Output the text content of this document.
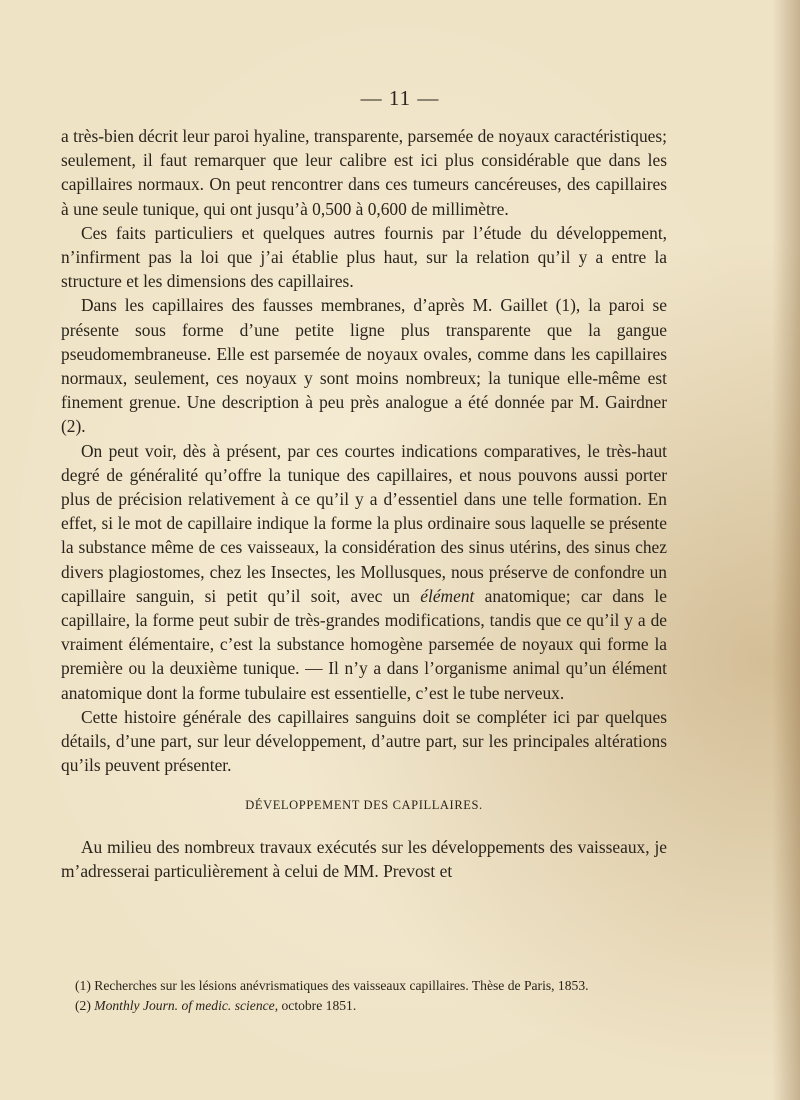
— 11 —

a très-bien décrit leur paroi hyaline, transparente, parsemée de noyaux caractéristiques; seulement, il faut remarquer que leur calibre est ici plus considérable que dans les capillaires normaux. On peut rencontrer dans ces tumeurs cancéreuses, des capillaires à une seule tunique, qui ont jusqu’à 0,500 à 0,600 de millimètre.

Ces faits particuliers et quelques autres fournis par l’étude du développement, n’infirment pas la loi que j’ai établie plus haut, sur la relation qu’il y a entre la structure et les dimensions des capillaires.

Dans les capillaires des fausses membranes, d’après M. Gaillet (1), la paroi se présente sous forme d’une petite ligne plus transparente que la gangue pseudomembraneuse. Elle est parsemée de noyaux ovales, comme dans les capillaires normaux, seulement, ces noyaux y sont moins nombreux; la tunique elle-même est finement grenue. Une description à peu près analogue a été donnée par M. Gairdner (2).

On peut voir, dès à présent, par ces courtes indications comparatives, le très-haut degré de généralité qu’offre la tunique des capillaires, et nous pouvons aussi porter plus de précision relativement à ce qu’il y a d’essentiel dans une telle formation. En effet, si le mot de capillaire indique la forme la plus ordinaire sous laquelle se présente la substance même de ces vaisseaux, la considération des sinus utérins, des sinus chez divers plagiostomes, chez les Insectes, les Mollusques, nous préserve de confondre un capillaire sanguin, si petit qu’il soit, avec un élément anatomique; car dans le capillaire, la forme peut subir de très-grandes modifications, tandis que ce qu’il y a de vraiment élémentaire, c’est la substance homogène parsemée de noyaux qui forme la première ou la deuxième tunique. — Il n’y a dans l’organisme animal qu’un élément anatomique dont la forme tubulaire est essentielle, c’est le tube nerveux.

Cette histoire générale des capillaires sanguins doit se compléter ici par quelques détails, d’une part, sur leur développement, d’autre part, sur les principales altérations qu’ils peuvent présenter.

DÉVELOPPEMENT DES CAPILLAIRES.

Au milieu des nombreux travaux exécutés sur les développements des vaisseaux, je m’adresserai particulièrement à celui de MM. Prevost et

(1) Recherches sur les lésions anévrismatiques des vaisseaux capillaires. Thèse de Paris, 1853.
(2) Monthly Journ. of medic. science, octobre 1851.
